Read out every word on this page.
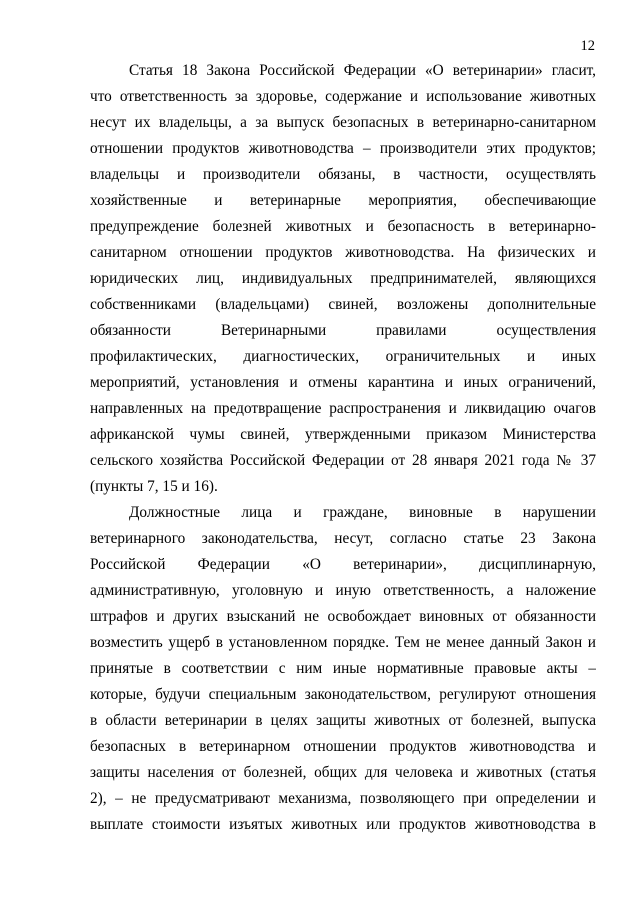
12
Статья 18 Закона Российской Федерации «О ветеринарии» гласит,
что ответственность за здоровье, содержание и использование животных
несут их владельцы, а за выпуск безопасных в ветеринарно-санитарном
отношении продуктов животноводства – производители этих продуктов;
владельцы и производители обязаны, в частности, осуществлять
хозяйственные и ветеринарные мероприятия, обеспечивающие
предупреждение болезней животных и безопасность в ветеринарно-
санитарном отношении продуктов животноводства. На физических и
юридических лиц, индивидуальных предпринимателей, являющихся
собственниками (владельцами) свиней, возложены дополнительные
обязанности Ветеринарными правилами осуществления
профилактических, диагностических, ограничительных и иных
мероприятий, установления и отмены карантина и иных ограничений,
направленных на предотвращение распространения и ликвидацию очагов
африканской чумы свиней, утвержденными приказом Министерства
сельского хозяйства Российской Федерации от 28 января 2021 года № 37
(пункты 7, 15 и 16).
Должностные лица и граждане, виновные в нарушении
ветеринарного законодательства, несут, согласно статье 23 Закона
Российской Федерации «О ветеринарии», дисциплинарную,
административную, уголовную и иную ответственность, а наложение
штрафов и других взысканий не освобождает виновных от обязанности
возместить ущерб в установленном порядке. Тем не менее данный Закон и
принятые в соответствии с ним иные нормативные правовые акты –
которые, будучи специальным законодательством, регулируют отношения
в области ветеринарии в целях защиты животных от болезней, выпуска
безопасных в ветеринарном отношении продуктов животноводства и
защиты населения от болезней, общих для человека и животных (статья
2), – не предусматривают механизма, позволяющего при определении и
выплате стоимости изъятых животных или продуктов животноводства в
